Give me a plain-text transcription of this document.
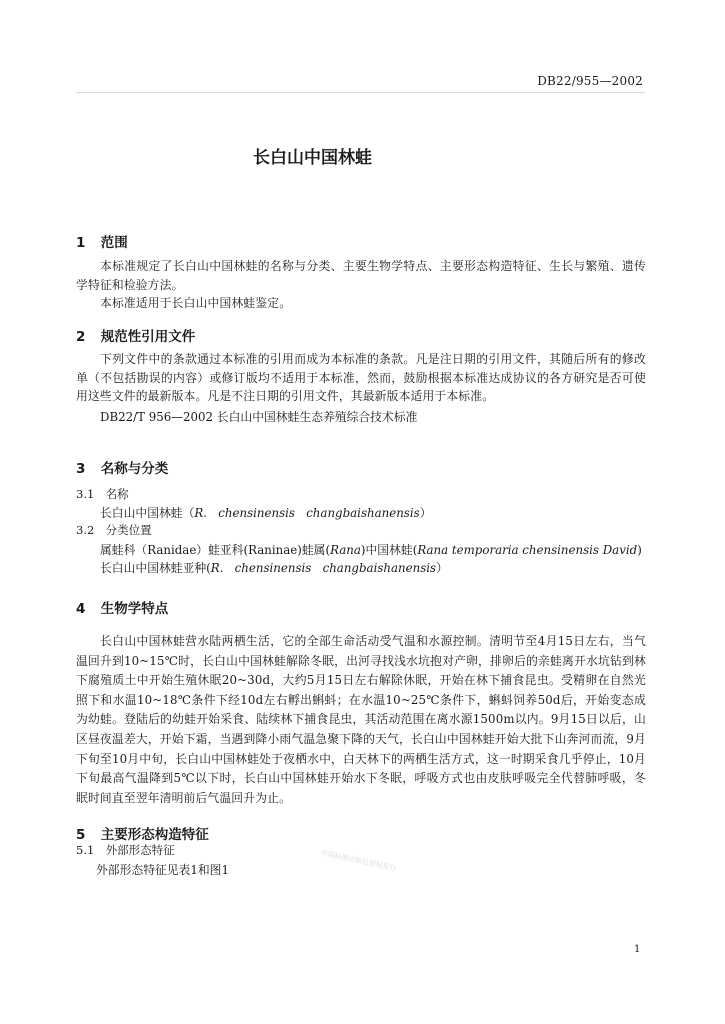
DB22/955—2002
长白山中国林蛙
1 范围
本标准规定了长白山中国林蛙的名称与分类、主要生物学特点、主要形态构造特征、生长与繁殖、遗传学特征和检验方法。
本标准适用于长白山中国林蛙鉴定。
2 规范性引用文件
下列文件中的条款通过本标准的引用而成为本标准的条款。凡是注日期的引用文件，其随后所有的修改单（不包括勘误的内容）或修订版均不适用于本标准，然而，鼓励根据本标准达成协议的各方研究是否可使用这些文件的最新版本。凡是不注日期的引用文件，其最新版本适用于本标准。
DB22/T 956—2002 长白山中国林蛙生态养殖综合技术标准
3 名称与分类
3.1 名称
长白山中国林蛙（R. chensinensis changbaishanensis）
3.2 分类位置
属蛙科（Ranidae）蛙亚科(Raninae)蛙属(Rana)中国林蛙(Rana temporaria chensinensis David)
长白山中国林蛙亚种(R. chensinensis changbaishanensis）
4 生物学特点
长白山中国林蛙营水陆两栖生活，它的全部生命活动受气温和水源控制。清明节至4月15日左右，当气温回升到10~15℃时，长白山中国林蛙解除冬眠，出河寻找浅水坑抱对产卵，排卵后的亲蛙离开水坑钻到林下腐殖质土中开始生殖休眠20~30d，大约5月15日左右解除休眠，开始在林下捕食昆虫。受精卵在自然光照下和水温10~18℃条件下经10d左右孵出蝌蚪；在水温10~25℃条件下，蝌蚪饲养50d后，开始变态成为幼蛙。登陆后的幼蛙开始采食、陆续林下捕食昆虫，其活动范围在离水源1500m以内。9月15日以后，山区昼夜温差大，开始下霜，当遇到降小雨气温急聚下降的天气，长白山中国林蛙开始大批下山奔河而流，9月下旬至10月中旬，长白山中国林蛙处于夜栖水中，白天林下的两栖生活方式，这一时期采食几乎停止，10月下旬最高气温降到5℃以下时，长白山中国林蛙开始水下冬眠，呼吸方式也由皮肤呼吸完全代替肺呼吸，冬眠时间直至翌年清明前后气温回升为止。
5 主要形态构造特征
5.1 外部形态特征
外部形态特征见表1和图1	中国标准出版社授权发行
1
